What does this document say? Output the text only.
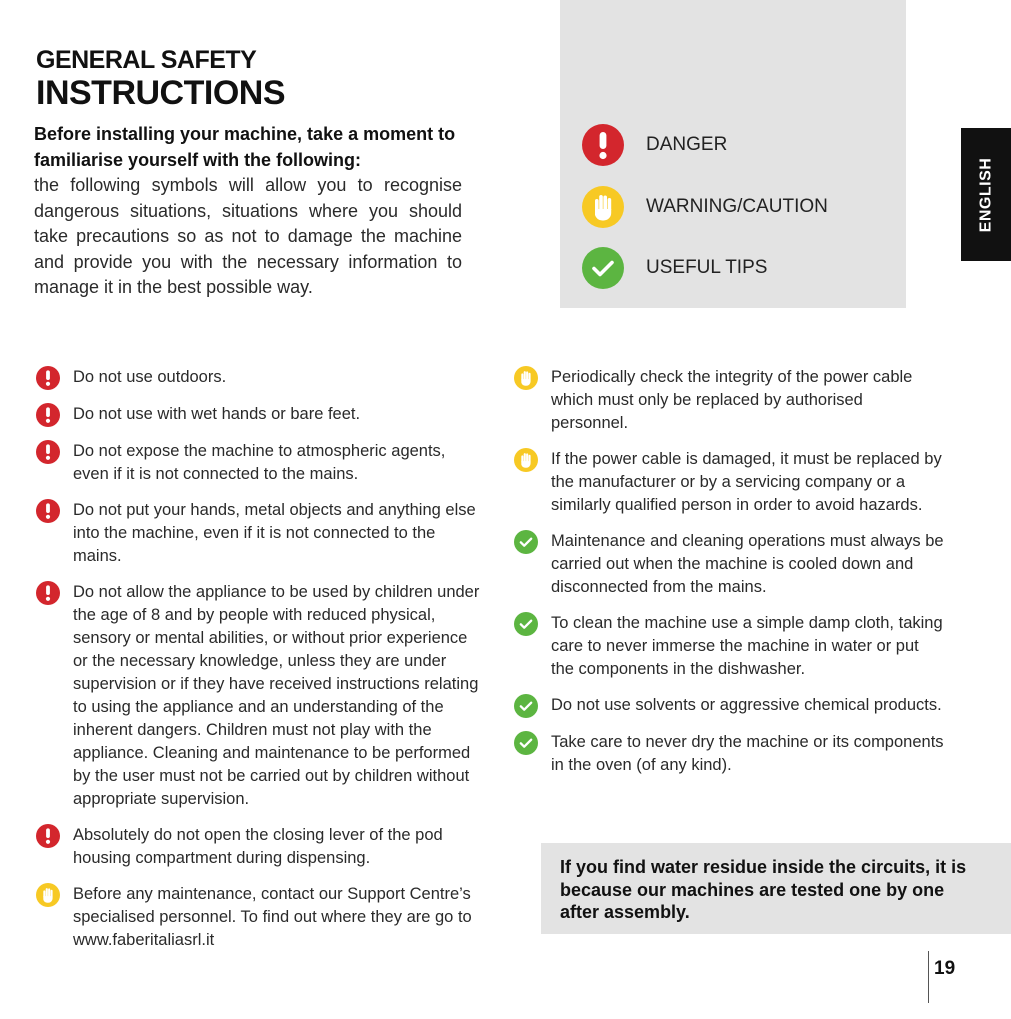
GENERAL SAFETY
INSTRUCTIONS
Before installing your machine, take a moment to familiarise yourself with the following:
the following symbols will allow you to recognise dangerous situations, situations where you should take precautions so as not to damage the machine and provide you with the necessary information to manage it in the best possible way.
DANGER
WARNING/CAUTION
USEFUL TIPS
ENGLISH
Do not use outdoors.
Do not use with wet hands or bare feet.
Do not expose the machine to atmospheric agents, even if it is not connected to the mains.
Do not put your hands, metal objects and anything else into the machine, even if it is not connected to the mains.
Do not allow the appliance to be used by children under the age of 8 and by people with reduced physical, sensory or mental abilities, or without prior experience or the necessary knowledge, unless they are under supervision or if they have received instructions relating to using the appliance and an understanding of the inherent dangers. Children must not play with the appliance. Cleaning and maintenance to be performed by the user must not be carried out by children without appropriate supervision.
Absolutely do not open the closing lever of the pod housing compartment during dispensing.
Before any maintenance, contact our Support Centre’s specialised personnel. To find out where they are go to www.faberitaliasrl.it
Periodically check the integrity of the power cable which must only be replaced by authorised personnel.
If the power cable is damaged, it must be replaced by the manufacturer or by a servicing company or a similarly qualified person in order to avoid hazards.
Maintenance and cleaning operations must always be carried out when the machine is cooled down and disconnected from the mains.
To clean the machine use a simple damp cloth, taking care to never immerse the machine in water or put the components in the dishwasher.
Do not use solvents or aggressive chemical products.
Take care to never dry the machine or its components in the oven (of any kind).
If you find water residue inside the circuits, it is because our machines are tested one by one after assembly.
19
